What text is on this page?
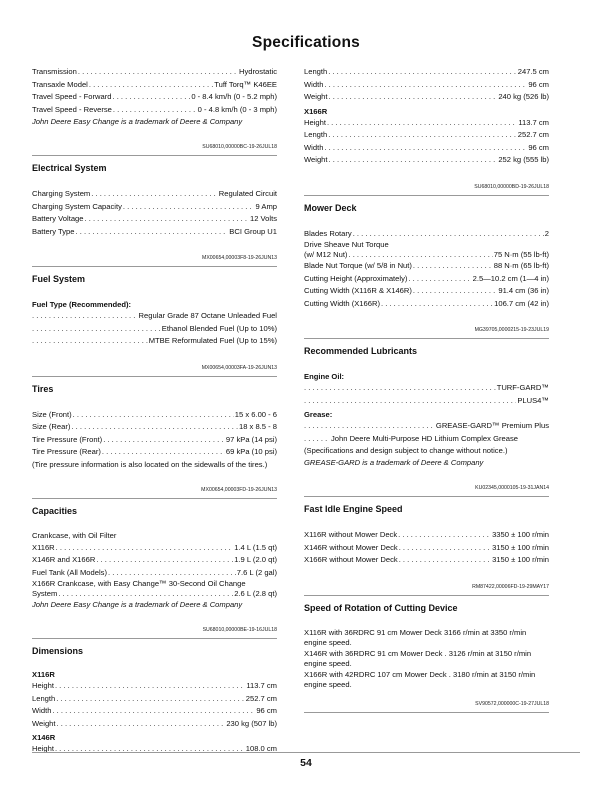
Specifications
Transmission . . .	Hydrostatic
Transaxle Model . . .	Tuff Torq™ K46EE
Travel Speed - Forward . . .	0 - 8.4 km/h (0 - 5.2 mph)
Travel Speed - Reverse . . .	0 - 4.8 km/h (0 - 3 mph)
John Deere Easy Change is a trademark of Deere & Company
SU68010,00000BC-19-26JUL18
Electrical System
Charging System . . .	Regulated Circuit
Charging System Capacity . . .	9 Amp
Battery Voltage . . .	12 Volts
Battery Type . . .	BCI Group U1
MX00654,00003F8-19-26JUN13
Fuel System
Fuel Type (Recommended):
. . .
Regular Grade 87 Octane Unleaded Fuel
. . .
Ethanol Blended Fuel (Up to 10%)
. . .
MTBE Reformulated Fuel (Up to 15%)
MX00654,00003FA-19-26JUN13
Tires
Size (Front) . . .	15 x 6.00 - 6
Size (Rear) . . .	18 x 8.5 - 8
Tire Pressure (Front) . . .	97 kPa (14 psi)
Tire Pressure (Rear) . . .	69 kPa (10 psi)
(Tire pressure information is also located on the sidewalls of the tires.)
MX00654,00003FD-19-26JUN13
Capacities
Crankcase, with Oil Filter
X116R . . .	1.4 L (1.5 qt)
X146R and X166R . . .	1.9 L (2.0 qt)
Fuel Tank (All Models) . . .	7.6 L (2 gal)
X166R Crankcase, with Easy Change™ 30-Second Oil Change
System . . .	2.6 L (2.8 qt)
John Deere Easy Change is a trademark of Deere & Company
SU68010,00000BE-19-16JUL18
Dimensions
X116R
Height . . .	113.7 cm
Length . . .	252.7 cm
Width . . .	96 cm
Weight . . .	230 kg (507 lb)
X146R
Height . . .	108.0 cm
Length . . .	247.5 cm
Width . . .	96 cm
Weight . . .	240 kg (526 lb)
X166R
Height . . .	113.7 cm
Length . . .	252.7 cm
Width . . .	96 cm
Weight . . .	252 kg (555 lb)
SU68010,00000BD-19-26JUL18
Mower Deck
Blades Rotary . . .	2
Drive Sheave Nut Torque
(w/ M12 Nut) . . .	75 N·m (55 lb-ft)
Blade Nut Torque (w/ 5/8 in Nut) . . .	88 N·m (65 lb-ft)
Cutting Height (Approximately) . . .	2.5—10.2 cm (1—4 in)
Cutting Width (X116R & X146R) . . .	91.4 cm (36 in)
Cutting Width (X166R) . . .	106.7 cm (42 in)
MG39705,0000215-19-23JUL19
Recommended Lubricants
Engine Oil:
. . .
TURF-GARD™
. . .
PLUS4™
Grease:
. . .
GREASE-GARD™ Premium Plus
. . .
John Deere Multi-Purpose HD Lithium Complex Grease
(Specifications and design subject to change without notice.)
GREASE-GARD is a trademark of Deere & Company
KU02345,0000105-19-31JAN14
Fast Idle Engine Speed
X116R without Mower Deck . . .	3350 ± 100 r/min
X146R without Mower Deck . . .	3150 ± 100 r/min
X166R without Mower Deck . . .	3150 ± 100 r/min
RM87422,00006FD-19-29MAY17
Speed of Rotation of Cutting Device
X116R with 36RDRC 91 cm Mower Deck 3166 r/min at 3350 r/min engine speed.
X146R with 36RDRC 91 cm Mower Deck . 3126 r/min at 3150 r/min engine speed.
X166R with 42RDRC 107 cm Mower Deck . 3180 r/min at 3150 r/min engine speed.
SV90572,000000C-19-27JUL18
54
